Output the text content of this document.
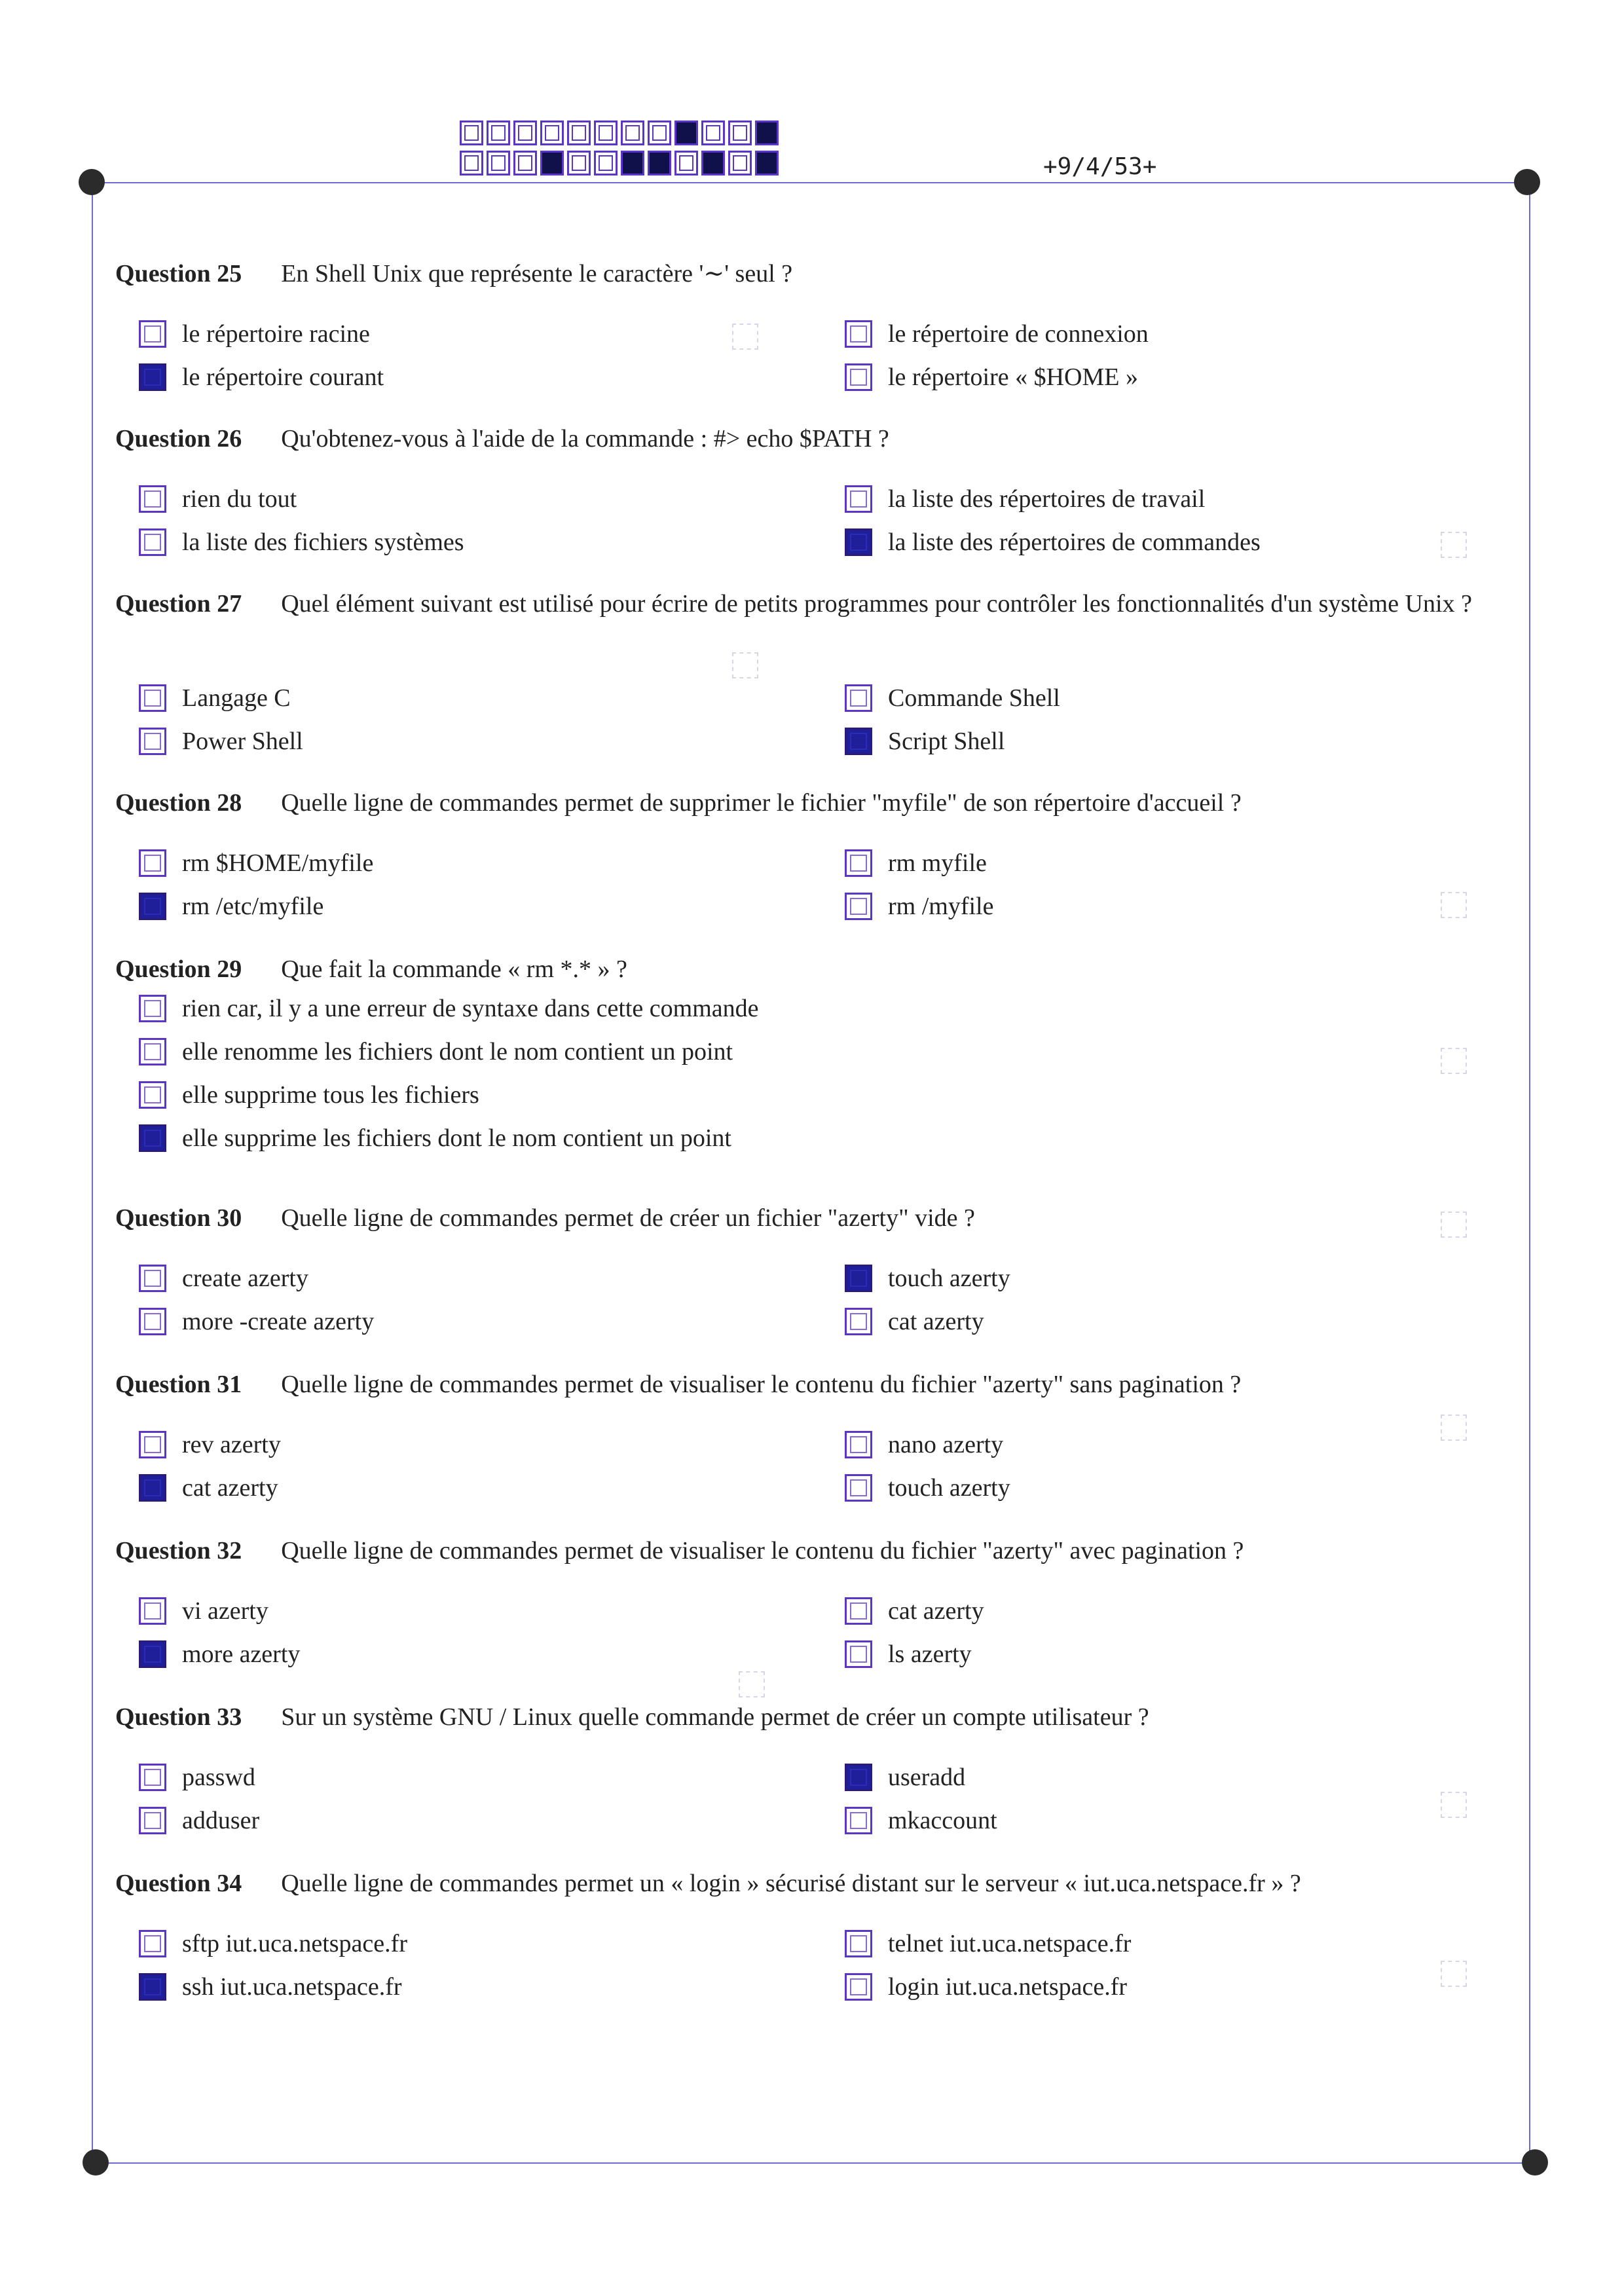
+9/4/53+
Question 25 En Shell Unix que représente le caractère '∼' seul ?
le répertoire racine	le répertoire de connexion
le répertoire courant	le répertoire « $HOME »
Question 26 Qu'obtenez-vous à l'aide de la commande : #> echo $PATH ?
rien du tout	la liste des répertoires de travail
la liste des fichiers systèmes	la liste des répertoires de commandes
Question 27 Quel élément suivant est utilisé pour écrire de petits programmes pour contrôler les fonctionnalités d'un système Unix ?
Langage C	Commande Shell
Power Shell	Script Shell
Question 28 Quelle ligne de commandes permet de supprimer le fichier "myfile" de son répertoire d'accueil ?
rm $HOME/myfile	rm myfile
rm /etc/myfile	rm /myfile
Question 29 Que fait la commande « rm *.* » ?
rien car, il y a une erreur de syntaxe dans cette commande
elle renomme les fichiers dont le nom contient un point
elle supprime tous les fichiers
elle supprime les fichiers dont le nom contient un point
Question 30 Quelle ligne de commandes permet de créer un fichier "azerty" vide ?
create azerty	touch azerty
more -create azerty	cat azerty
Question 31 Quelle ligne de commandes permet de visualiser le contenu du fichier "azerty" sans pagination ?
rev azerty	nano azerty
cat azerty	touch azerty
Question 32 Quelle ligne de commandes permet de visualiser le contenu du fichier "azerty" avec pagination ?
vi azerty	cat azerty
more azerty	ls azerty
Question 33 Sur un système GNU / Linux quelle commande permet de créer un compte utilisateur ?
passwd	useradd
adduser	mkaccount
Question 34 Quelle ligne de commandes permet un « login » sécurisé distant sur le serveur « iut.uca.netspace.fr » ?
sftp iut.uca.netspace.fr	telnet iut.uca.netspace.fr
ssh iut.uca.netspace.fr	login iut.uca.netspace.fr
